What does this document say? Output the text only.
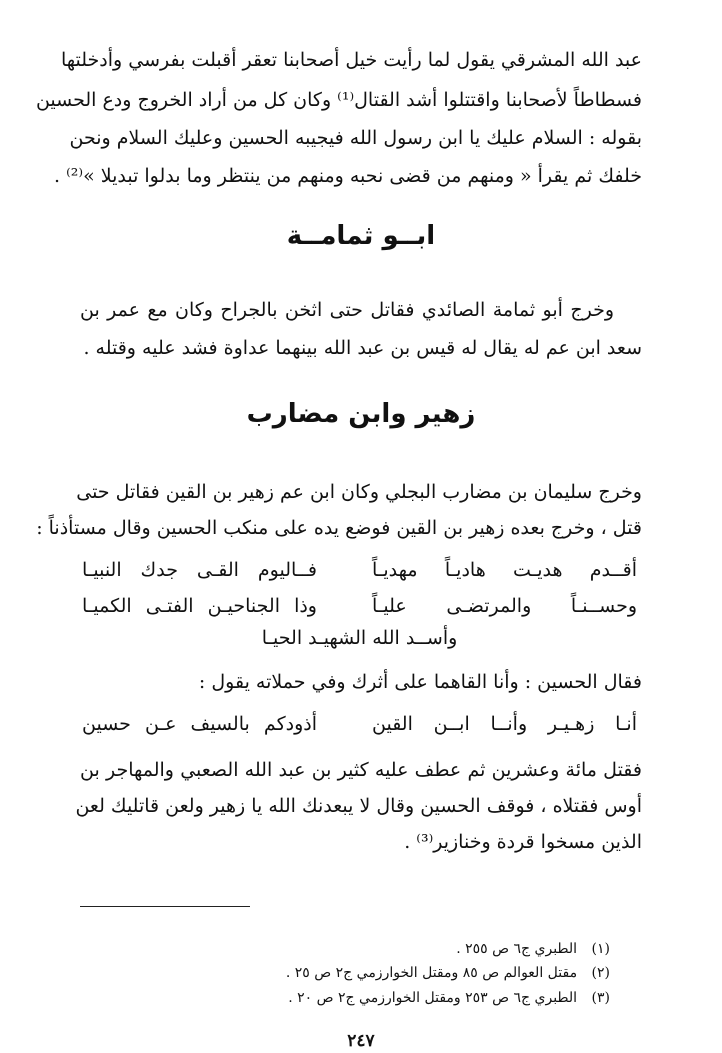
عبد الله المشرقي يقول لما رأيت خيل أصحابنا تعقر أقبلت بفرسي وأدخلتها
فسطاطاً لأصحابنا واقتتلوا أشد القتال⁽¹⁾ وكان كل من أراد الخروج ودع الحسين
بقوله : السلام عليك يا ابن رسول الله فيجيبه الحسين وعليك السلام ونحن
خلفك ثم يقرأ « ومنهم من قضى نحبه ومنهم من ينتظر وما بدلوا تبديلا »⁽²⁾ .
ابــو ثمامــة
وخرج أبو ثمامة الصائدي فقاتل حتى اثخن بالجراح وكان مع عمر بن
سعد ابن عم له يقال له قيس بن عبد الله بينهما عداوة فشد عليه وقتله .
زهير وابن مضارب
وخرج سليمان بن مضارب البجلي وكان ابن عم زهير بن القين فقاتل حتى
قتل ، وخرج بعده زهير بن القين فوضع يده على منكب الحسين وقال مستأذناً :
أقــدم هديـت هاديـاً مهديـاً
فــاليوم القـى جدك النبيـا
وحســنـاً والمرتضـى عليـاً
وذا الجناحيـن الفتـى الكميـا
وأســد الله الشهيـد الحيـا
فقال الحسين : وأنا القاهما على أثرك وفي حملاته يقول :
أنـا زهـيـر وأنــا ابــن القين
أذودكم بالسيف عـن حسين
فقتل مائة وعشرين ثم عطف عليه كثير بن عبد الله الصعبي والمهاجر بن
أوس فقتلاه ، فوقف الحسين وقال لا يبعدنك الله يا زهير ولعن قاتليك لعن
الذين مسخوا قردة وخنازير⁽³⁾ .
(١) الطبري ج٦ ص ٢٥٥ .
(٢) مقتل العوالم ص ٨٥ ومقتل الخوارزمي ج٢ ص ٢٥ .
(٣) الطبري ج٦ ص ٢٥٣ ومقتل الخوارزمي ج٢ ص ٢٠ .
٢٤٧
